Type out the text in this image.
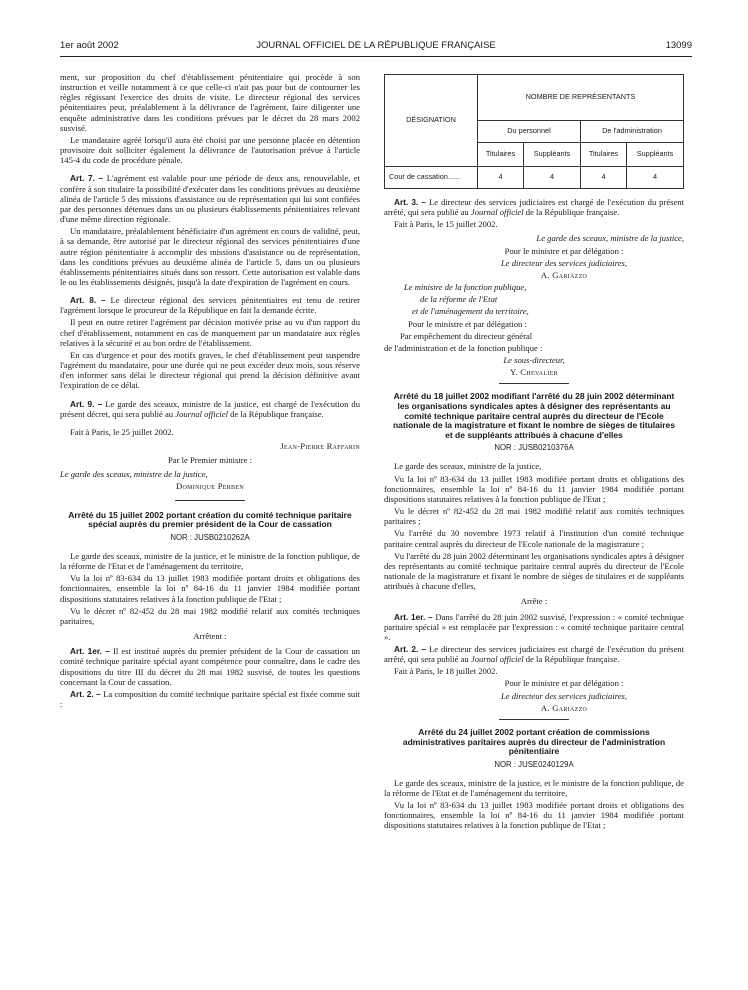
1er août 2002	JOURNAL OFFICIEL DE LA RÉPUBLIQUE FRANÇAISE	13099

ment, sur proposition du chef d'établissement pénitentiaire qui procède à son instruction et veille notamment à ce que celle-ci n'ait pas pour but de contourner les règles régissant l'exercice des droits de visite. Le directeur régional des services pénitentiaires peut, préalablement à la délivrance de l'agrément, faire diligenter une enquête administrative dans les conditions prévues par le décret du 28 mars 2002 susvisé.

Le mandataire agréé lorsqu'il aura été choisi par une personne placée en détention provisoire doit solliciter également la délivrance de l'autorisation prévue à l'article 145-4 du code de procédure pénale.

Art. 7. – L'agrément est valable pour une période de deux ans, renouvelable, et confère à son titulaire la possibilité d'exécuter dans les conditions prévues au deuxième alinéa de l'article 5 des missions d'assistance ou de représentation qui lui sont confiées par des personnes détenues dans un ou plusieurs établissements pénitentiaires relevant d'une même direction régionale.

Un mandataire, préalablement bénéficiaire d'un agrément en cours de validité, peut, à sa demande, être autorisé par le directeur régional des services pénitentiaires d'une autre région pénitentiaire à accomplir des missions d'assistance ou de représentation, dans les conditions prévues au deuxième alinéa de l'article 5, dans un ou plusieurs établissements pénitentiaires situés dans son ressort. Cette autorisation est valable dans le ou les établissements désignés, jusqu'à la date d'expiration de l'agrément en cours.

Art. 8. – Le directeur régional des services pénitentiaires est tenu de retirer l'agrément lorsque le procureur de la République en fait la demande écrite.

Il peut en outre retirer l'agrément par décision motivée prise au vu d'un rapport du chef d'établissement, notamment en cas de manquement par un mandataire aux règles relatives à la sécurité et au bon ordre de l'établissement.

En cas d'urgence et pour des motifs graves, le chef d'établissement peut suspendre l'agrément du mandataire, pour une durée qui ne peut excéder deux mois, sous réserve d'en informer sans délai le directeur régional qui prend la décision définitive avant l'expiration de ce délai.

Art. 9. – Le garde des sceaux, ministre de la justice, est chargé de l'exécution du présent décret, qui sera publié au Journal officiel de la République française.

Fait à Paris, le 25 juillet 2002.

Jean-Pierre Raffarin

Par le Premier ministre :

Le garde des sceaux, ministre de la justice,

Dominique Perben

Arrêté du 15 juillet 2002 portant création du comité technique paritaire spécial auprès du premier président de la Cour de cassation
NOR : JUSB0210262A

Le garde des sceaux, ministre de la justice, et le ministre de la fonction publique, de la réforme de l'Etat et de l'aménagement du territoire,

Vu la loi nº 83-634 du 13 juillet 1983 modifiée portant droits et obligations des fonctionnaires, ensemble la loi nº 84-16 du 11 janvier 1984 modifiée portant dispositions statutaires relatives à la fonction publique de l'Etat ;

Vu le décret nº 82-452 du 28 mai 1982 modifié relatif aux comités techniques paritaires,

Arrêtent :

Art. 1er. – Il est institué auprès du premier président de la Cour de cassation un comité technique paritaire spécial ayant compétence pour connaître, dans le cadre des dispositions du titre III du décret du 28 mai 1982 susvisé, de toutes les questions concernant la Cour de cassation.

Art. 2. – La composition du comité technique paritaire spécial est fixée comme suit :

DÉSIGNATION	NOMBRE DE REPRÉSENTANTS			
	Du personnel		De l'administration	
	Titulaires	Suppléants	Titulaires	Suppléants
Cour de cassation......	4	4	4	4

Art. 3. – Le directeur des services judiciaires est chargé de l'exécution du présent arrêté, qui sera publié au Journal officiel de la République française.

Fait à Paris, le 15 juillet 2002.

Le garde des sceaux, ministre de la justice,

Pour le ministre et par délégation :

Le directeur des services judiciaires,

A. Gariazzo

Le ministre de la fonction publique,

de la réforme de l'Etat

et de l'aménagement du territoire,

Pour le ministre et par délégation :

Par empêchement du directeur général

de l'administration et de la fonction publique :

Le sous-directeur,

Y. Chevalier

Arrêté du 18 juillet 2002 modifiant l'arrêté du 28 juin 2002 déterminant les organisations syndicales aptes à désigner des représentants au comité technique paritaire central auprès du directeur de l'Ecole nationale de la magistrature et fixant le nombre de sièges de titulaires et de suppléants attribués à chacune d'elles
NOR : JUSB0210376A

Le garde des sceaux, ministre de la justice,

Vu la loi nº 83-634 du 13 juillet 1983 modifiée portant droits et obligations des fonctionnaires, ensemble la loi nº 84-16 du 11 janvier 1984 modifiée portant dispositions statutaires relatives à la fonction publique de l'Etat ;

Vu le décret nº 82-452 du 28 mai 1982 modifié relatif aux comités techniques paritaires ;

Vu l'arrêté du 30 novembre 1973 relatif à l'institution d'un comité technique paritaire central auprès du directeur de l'Ecole nationale de la magistrature ;

Vu l'arrêté du 28 juin 2002 déterminant les organisations syndicales aptes à désigner des représentants au comité technique paritaire central auprès du directeur de l'Ecole nationale de la magistrature et fixant le nombre de sièges de titulaires et de suppléants attribués à chacune d'elles,

Arrête :

Art. 1er. – Dans l'arrêté du 28 juin 2002 susvisé, l'expression : « comité technique paritaire spécial » est remplacée par l'expression : « comité technique paritaire central ».

Art. 2. – Le directeur des services judiciaires est chargé de l'exécution du présent arrêté, qui sera publié au Journal officiel de la République française.

Fait à Paris, le 18 juillet 2002.

Pour le ministre et par délégation :

Le directeur des services judiciaires,

A. Gariazzo

Arrêté du 24 juillet 2002 portant création de commissions administratives paritaires auprès du directeur de l'administration pénitentiaire
NOR : JUSE0240129A

Le garde des sceaux, ministre de la justice, et le ministre de la fonction publique, de la réforme de l'Etat et de l'aménagement du territoire,

Vu la loi nº 83-634 du 13 juillet 1983 modifiée portant droits et obligations des fonctionnaires, ensemble la loi nº 84-16 du 11 janvier 1984 modifiée portant dispositions statutaires relatives à la fonction publique de l'Etat ;
